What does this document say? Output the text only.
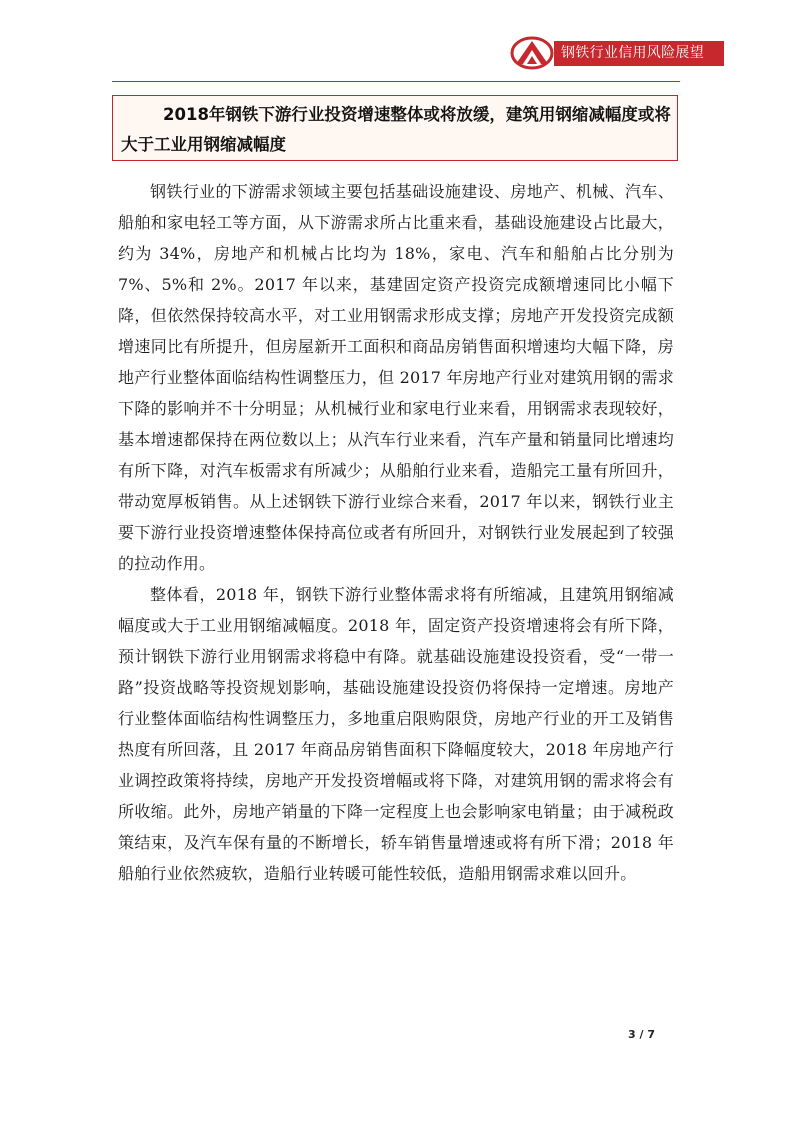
钢铁行业信用风险展望

2018年钢铁下游行业投资增速整体或将放缓，建筑用钢缩减幅度或将大于工业用钢缩减幅度

钢铁行业的下游需求领域主要包括基础设施建设、房地产、机械、汽车、船舶和家电轻工等方面，从下游需求所占比重来看，基础设施建设占比最大，约为 34%，房地产和机械占比均为 18%，家电、汽车和船舶占比分别为 7%、5%和 2%。2017 年以来，基建固定资产投资完成额增速同比小幅下降，但依然保持较高水平，对工业用钢需求形成支撑；房地产开发投资完成额增速同比有所提升，但房屋新开工面积和商品房销售面积增速均大幅下降，房地产行业整体面临结构性调整压力，但 2017 年房地产行业对建筑用钢的需求下降的影响并不十分明显；从机械行业和家电行业来看，用钢需求表现较好，基本增速都保持在两位数以上；从汽车行业来看，汽车产量和销量同比增速均有所下降，对汽车板需求有所减少；从船舶行业来看，造船完工量有所回升，带动宽厚板销售。从上述钢铁下游行业综合来看，2017 年以来，钢铁行业主要下游行业投资增速整体保持高位或者有所回升，对钢铁行业发展起到了较强的拉动作用。

整体看，2018 年，钢铁下游行业整体需求将有所缩减，且建筑用钢缩减幅度或大于工业用钢缩减幅度。2018 年，固定资产投资增速将会有所下降，预计钢铁下游行业用钢需求将稳中有降。就基础设施建设投资看，受“一带一路”投资战略等投资规划影响，基础设施建设投资仍将保持一定增速。房地产行业整体面临结构性调整压力，多地重启限购限贷，房地产行业的开工及销售热度有所回落，且 2017 年商品房销售面积下降幅度较大，2018 年房地产行业调控政策将持续，房地产开发投资增幅或将下降，对建筑用钢的需求将会有所收缩。此外，房地产销量的下降一定程度上也会影响家电销量；由于减税政策结束，及汽车保有量的不断增长，轿车销售量增速或将有所下滑；2018 年船舶行业依然疲软，造船行业转暖可能性较低，造船用钢需求难以回升。

3 / 7
